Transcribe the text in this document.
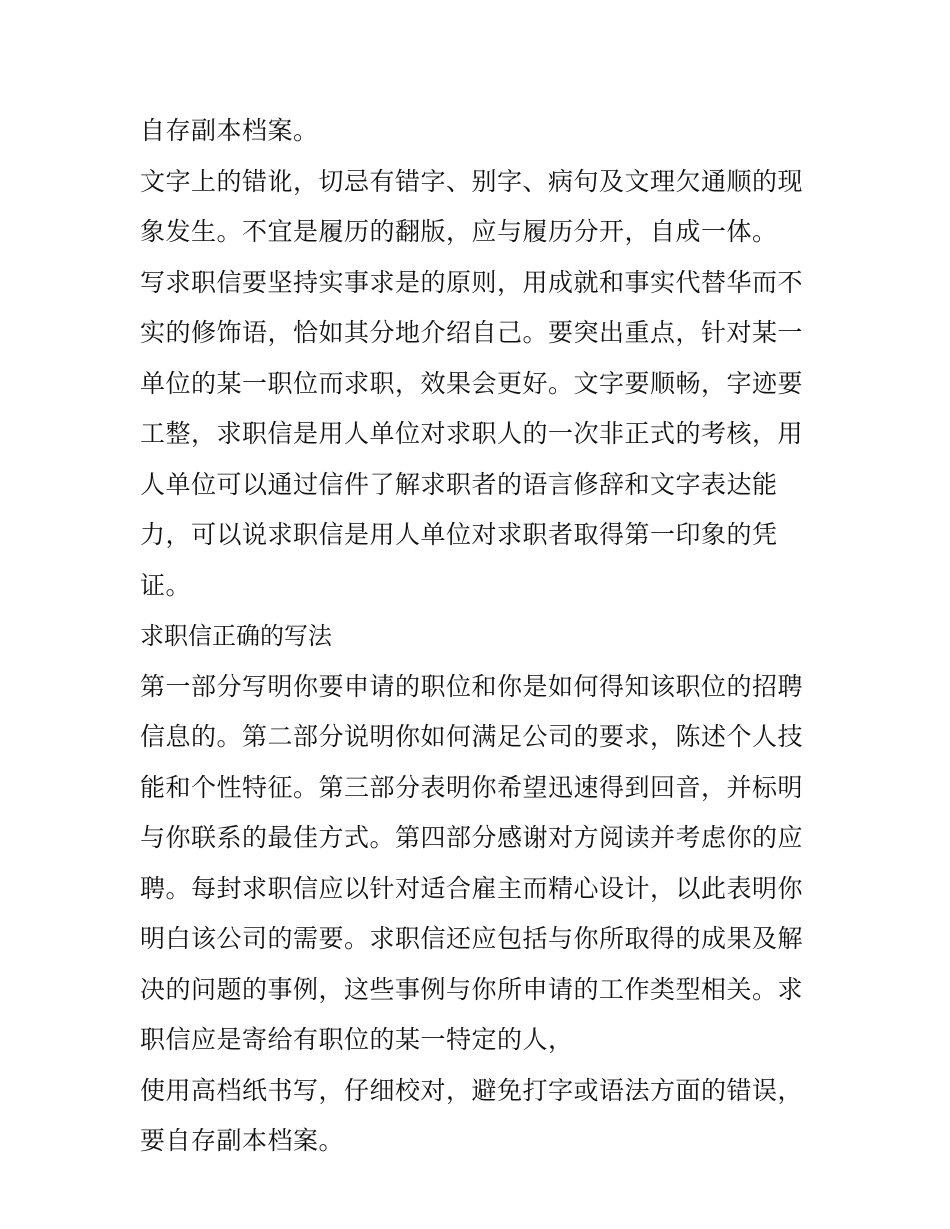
自存副本档案。

文字上的错讹，切忌有错字、别字、病句及文理欠通顺的现象发生。不宜是履历的翻版，应与履历分开，自成一体。

写求职信要坚持实事求是的原则，用成就和事实代替华而不实的修饰语，恰如其分地介绍自己。要突出重点，针对某一单位的某一职位而求职，效果会更好。文字要顺畅，字迹要工整，求职信是用人单位对求职人的一次非正式的考核，用人单位可以通过信件了解求职者的语言修辞和文字表达能力，可以说求职信是用人单位对求职者取得第一印象的凭证。

求职信正确的写法

第一部分写明你要申请的职位和你是如何得知该职位的招聘信息的。第二部分说明你如何满足公司的要求，陈述个人技能和个性特征。第三部分表明你希望迅速得到回音，并标明与你联系的最佳方式。第四部分感谢对方阅读并考虑你的应聘。每封求职信应以针对适合雇主而精心设计，以此表明你明白该公司的需要。求职信还应包括与你所取得的成果及解决的问题的事例，这些事例与你所申请的工作类型相关。求职信应是寄给有职位的某一特定的人，

使用高档纸书写，仔细校对，避免打字或语法方面的错误，要自存副本档案。
